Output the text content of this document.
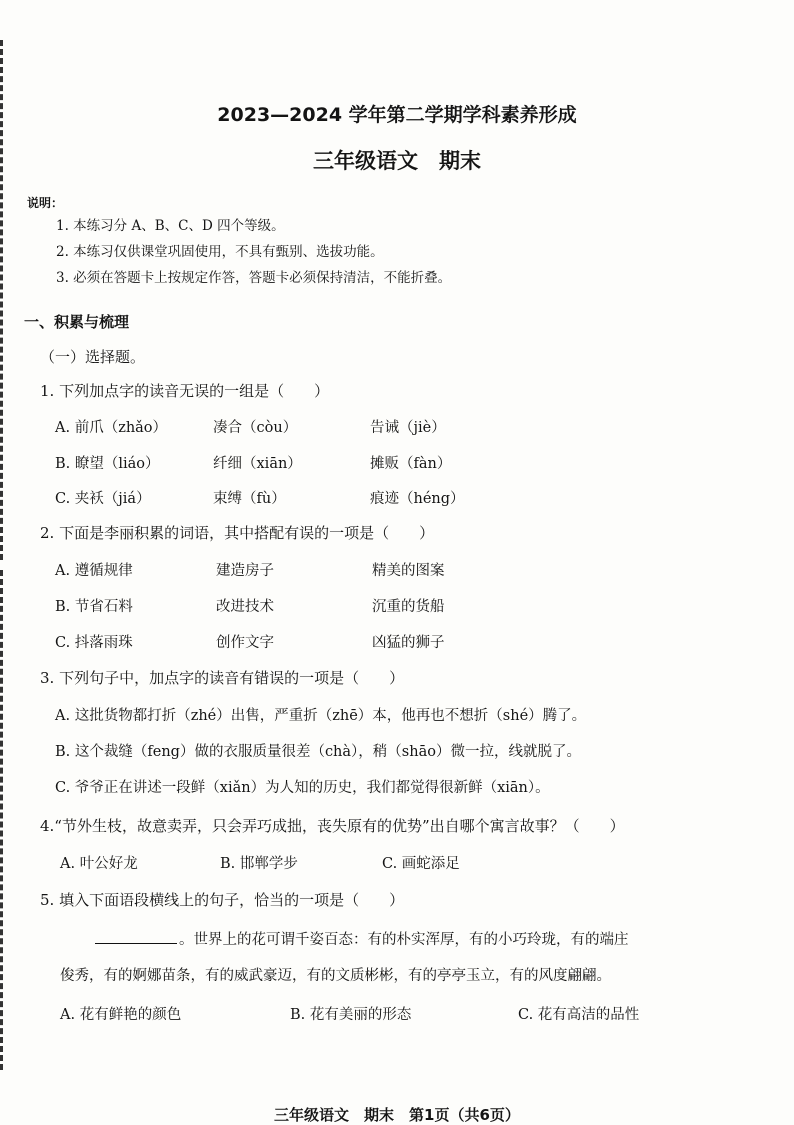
2023—2024 学年第二学期学科素养形成
三年级语文　期末
说明：
1. 本练习分 A、B、C、D 四个等级。
2. 本练习仅供课堂巩固使用，不具有甄别、选拔功能。
3. 必须在答题卡上按规定作答，答题卡必须保持清洁，不能折叠。
一、积累与梳理
（一）选择题。
1. 下列加点字的读音无误的一组是（　　）
A. 前爪（zhǎo）	凑合（còu）	告诫（jiè）
B. 瞭望（liáo）	纤细（xiān）	摊贩（fàn）
C. 夹袄（jiá）	束缚（fù）	痕迹（héng）
2. 下面是李丽积累的词语，其中搭配有误的一项是（　　）
A. 遵循规律	建造房子	精美的图案
B. 节省石料	改进技术	沉重的货船
C. 抖落雨珠	创作文字	凶猛的狮子
3. 下列句子中，加点字的读音有错误的一项是（　　）
A. 这批货物都打折（zhé）出售，严重折（zhē）本，他再也不想折（shé）腾了。
B. 这个裁缝（feng）做的衣服质量很差（chà），稍（shāo）微一拉，线就脱了。
C. 爷爷正在讲述一段鲜（xiǎn）为人知的历史，我们都觉得很新鲜（xiān）。
4.“节外生枝，故意卖弄，只会弄巧成拙，丧失原有的优势”出自哪个寓言故事？（　　）
A. 叶公好龙	B. 邯郸学步	C. 画蛇添足
5. 填入下面语段横线上的句子，恰当的一项是（　　）
。世界上的花可谓千姿百态：有的朴实浑厚，有的小巧玲珑，有的端庄
俊秀，有的婀娜苗条，有的威武豪迈，有的文质彬彬，有的亭亭玉立，有的风度翩翩。
A. 花有鲜艳的颜色	B. 花有美丽的形态	C. 花有高洁的品性
三年级语文　期末　第1页（共6页）
